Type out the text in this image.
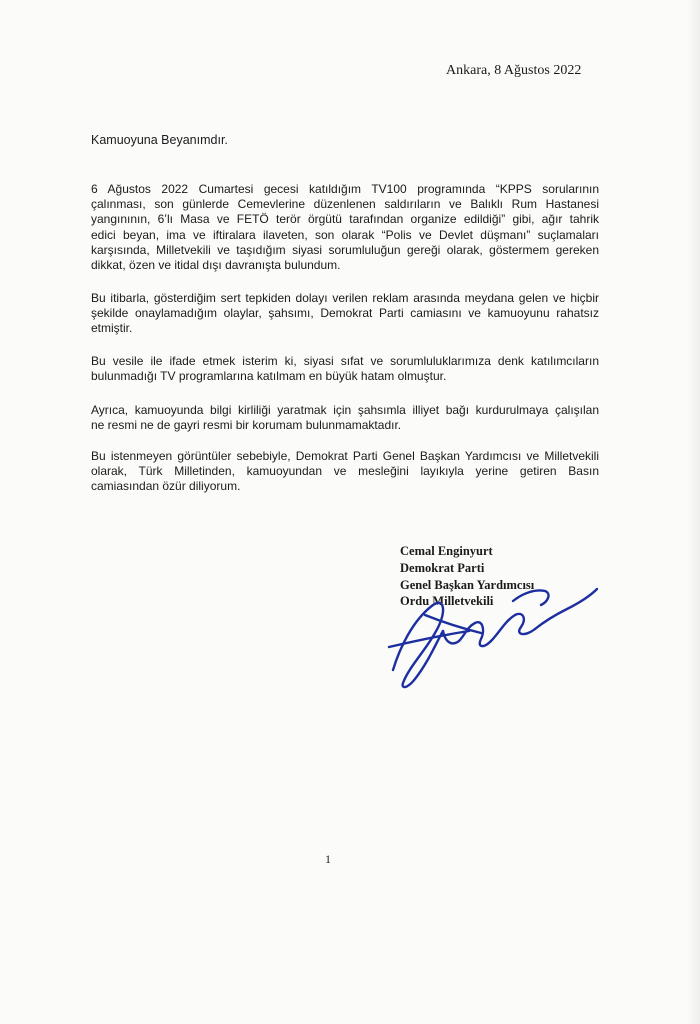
Ankara, 8 Ağustos 2022
Kamuoyuna Beyanımdır.
6 Ağustos 2022 Cumartesi gecesi katıldığım TV100 programında “KPPS sorularının
çalınması, son günlerde Cemevlerine düzenlenen saldırıların ve Balıklı Rum Hastanesi
yangınının, 6’lı Masa ve FETÖ terör örgütü tarafından organize edildiği” gibi, ağır tahrik
edici beyan, ima ve iftiralara ilaveten, son olarak “Polis ve Devlet düşmanı” suçlamaları
karşısında, Milletvekili ve taşıdığım siyasi sorumluluğun gereği olarak, göstermem gereken
dikkat, özen ve itidal dışı davranışta bulundum.
Bu itibarla, gösterdiğim sert tepkiden dolayı verilen reklam arasında meydana gelen ve hiçbir
şekilde onaylamadığım olaylar, şahsımı, Demokrat Parti camiasını ve kamuoyunu rahatsız
etmiştir.
Bu vesile ile ifade etmek isterim ki, siyasi sıfat ve sorumluluklarımıza denk katılımcıların
bulunmadığı TV programlarına katılmam en büyük hatam olmuştur.
Ayrıca, kamuoyunda bilgi kirliliği yaratmak için şahsımla illiyet bağı kurdurulmaya çalışılan
ne resmi ne de gayri resmi bir korumam bulunmamaktadır.
Bu istenmeyen görüntüler sebebiyle, Demokrat Parti Genel Başkan Yardımcısı ve Milletvekili
olarak, Türk Milletinden, kamuoyundan ve mesleğini layıkıyla yerine getiren Basın
camiasından özür diliyorum.
Cemal Enginyurt
Demokrat Parti
Genel Başkan Yardımcısı
Ordu Milletvekili
1
